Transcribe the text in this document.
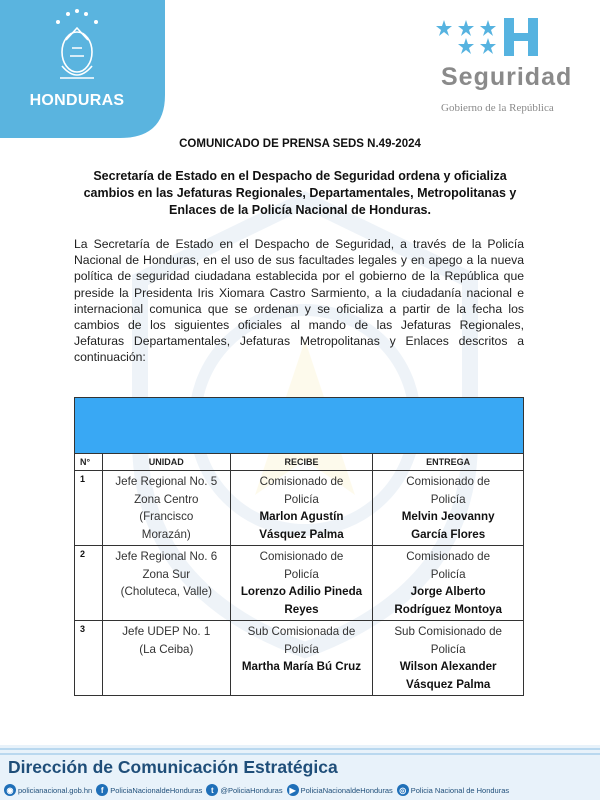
HONDURAS
Seguridad
Gobierno de la República
COMUNICADO DE PRENSA SEDS N.49-2024
Secretaría de Estado en el Despacho de Seguridad ordena y oficializa cambios en las Jefaturas Regionales, Departamentales, Metropolitanas y Enlaces de la Policía Nacional de Honduras.
La Secretaría de Estado en el Despacho de Seguridad, a través de la Policía Nacional de Honduras, en el uso de sus facultades legales y en apego a la nueva política de seguridad ciudadana establecida por el gobierno de la República que preside la Presidenta Iris Xiomara Castro Sarmiento, a la ciudadanía nacional e internacional comunica que se ordenan y se oficializa a partir de la fecha los cambios de los siguientes oficiales al mando de las Jefaturas Regionales, Jefaturas Departamentales, Jefaturas Metropolitanas y Enlaces descritos a continuación:

N°	UNIDAD	RECIBE	ENTREGA
1	Jefe Regional No. 5
Zona Centro
(Francisco
Morazán)	Comisionado de
Policía
Marlon Agustín
Vásquez Palma	Comisionado de
Policía
Melvin Jeovanny
García Flores

2	Jefe Regional No. 6
Zona Sur
(Choluteca, Valle)	Comisionado de
Policía
Lorenzo Adilio Pineda
Reyes	Comisionado de
Policía
Jorge Alberto
Rodríguez Montoya

3	Jefe UDEP No. 1
(La Ceiba)	Sub Comisionada de
Policía
Martha María Bú Cruz	Sub Comisionado de
Policía
Wilson Alexander
Vásquez Palma
Dirección de Comunicación Estratégica
◉ policianacional.gob.hn	f PoliciaNacionaldeHonduras	t @PoliciaHonduras ▶ PoliciaNacionaldeHonduras ◎ Policia Nacional de Honduras
